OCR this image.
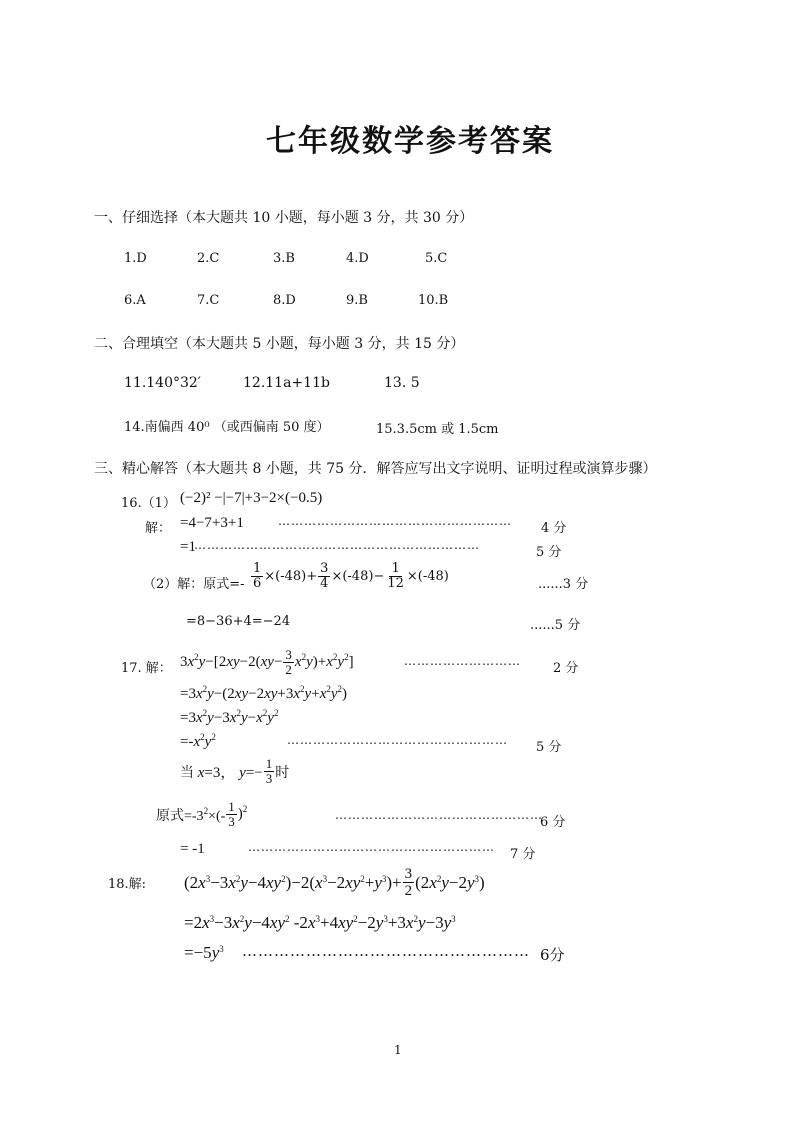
七年级数学参考答案
一、仔细选择（本大题共 10 小题，每小题 3 分，共 30 分）
1.D	2.C	3.B	4.D	5.C
6.A	7.C	8.D	9.B	10.B
二、合理填空（本大题共 5 小题，每小题 3 分，共 15 分）
11.140°32′	12.11a+11b	13. 5
14.南偏西 40⁰ （或西偏南 50 度）	15.3.5cm 或 1.5cm
三、精心解答（本大题共 8 小题，共 75 分．解答应写出文字说明、证明过程或演算步骤）
16.（1） (−2)² −|−7|+3−2×(−0.5)
解： =4−7+3+1	……………………………………………… 4 分
=1
…………………………………………………………	5 分
（2）解：原式=- $\frac{1}{6} \times(-48)+ \frac{3}{4} \times(-48)- \frac{1}{12} \times(-48)$
......3 分
=8−36+4=−24	......5 分
17. 解： $3x^2y-[2xy-2(xy- \frac{3}{2} x^2y)+x^2y^2]$	……………………… 2 分
$=3x^2y-(2xy-2xy+3x^2y+x^2y^2)$
$=3x^2y-3x^2y-x^2y^2$
$=-x^2y^2$	…………………………………………… 5 分
当 x=3， $y=- \frac{1}{3}$ 时
原式$=-3^2\times(- \frac{1}{3} )^2$	…………………………………………
6 分
= -1	………………………………………………… 7 分
18.解: $(2x^3-3x^2y-4xy^2)-2(x^3-2xy^2+y^3)+ \frac{3}{2} (2x^2y-2y^3)$
$=2x^3-3x^2y-4xy^2$ $-2x^3+4xy^2-2y^3+3x^2y-3y^3$
$=-5y^3$ ……………………………………………… 6分
1
